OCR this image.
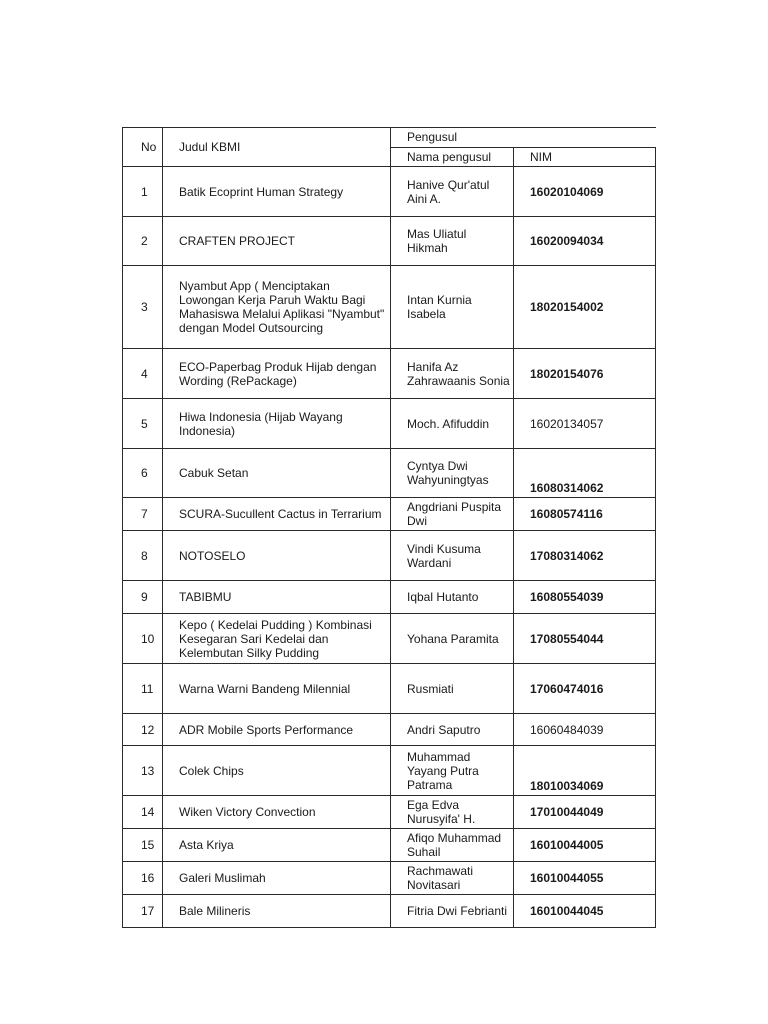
No	Judul KBMI	Pengusul	
		Nama pengusul	NIM
1	Batik Ecoprint Human Strategy	Hanive Qur'atul Aini A.	16020104069
2	CRAFTEN PROJECT	Mas Uliatul Hikmah	16020094034
3	Nyambut App ( Menciptakan Lowongan Kerja Paruh Waktu Bagi Mahasiswa Melalui Aplikasi "Nyambut" dengan Model Outsourcing	Intan Kurnia Isabela	18020154002
4	ECO-Paperbag Produk Hijab dengan Wording (RePackage)	Hanifa Az Zahrawaanis Sonia	18020154076
5	Hiwa Indonesia (Hijab Wayang Indonesia)	Moch. Afifuddin	16020134057
6	Cabuk Setan	Cyntya Dwi Wahyuningtyas	16080314062
7	SCURA-Sucullent Cactus in Terrarium	Angdriani Puspita Dwi	16080574116
8	NOTOSELO	Vindi Kusuma Wardani	17080314062
9	TABIBMU	Iqbal Hutanto	16080554039
10	Kepo ( Kedelai Pudding ) Kombinasi Kesegaran Sari Kedelai dan Kelembutan Silky Pudding	Yohana Paramita	17080554044
11	Warna Warni Bandeng Milennial	Rusmiati	17060474016
12	ADR Mobile Sports Performance	Andri Saputro	16060484039
13	Colek Chips	Muhammad Yayang Putra Patrama	18010034069
14	Wiken Victory Convection	Ega Edva Nurusyifa' H.	17010044049
15	Asta Kriya	Afiqo Muhammad Suhail	16010044005
16	Galeri Muslimah	Rachmawati Novitasari	16010044055
17	Bale Milineris	Fitria Dwi Febrianti	16010044045
